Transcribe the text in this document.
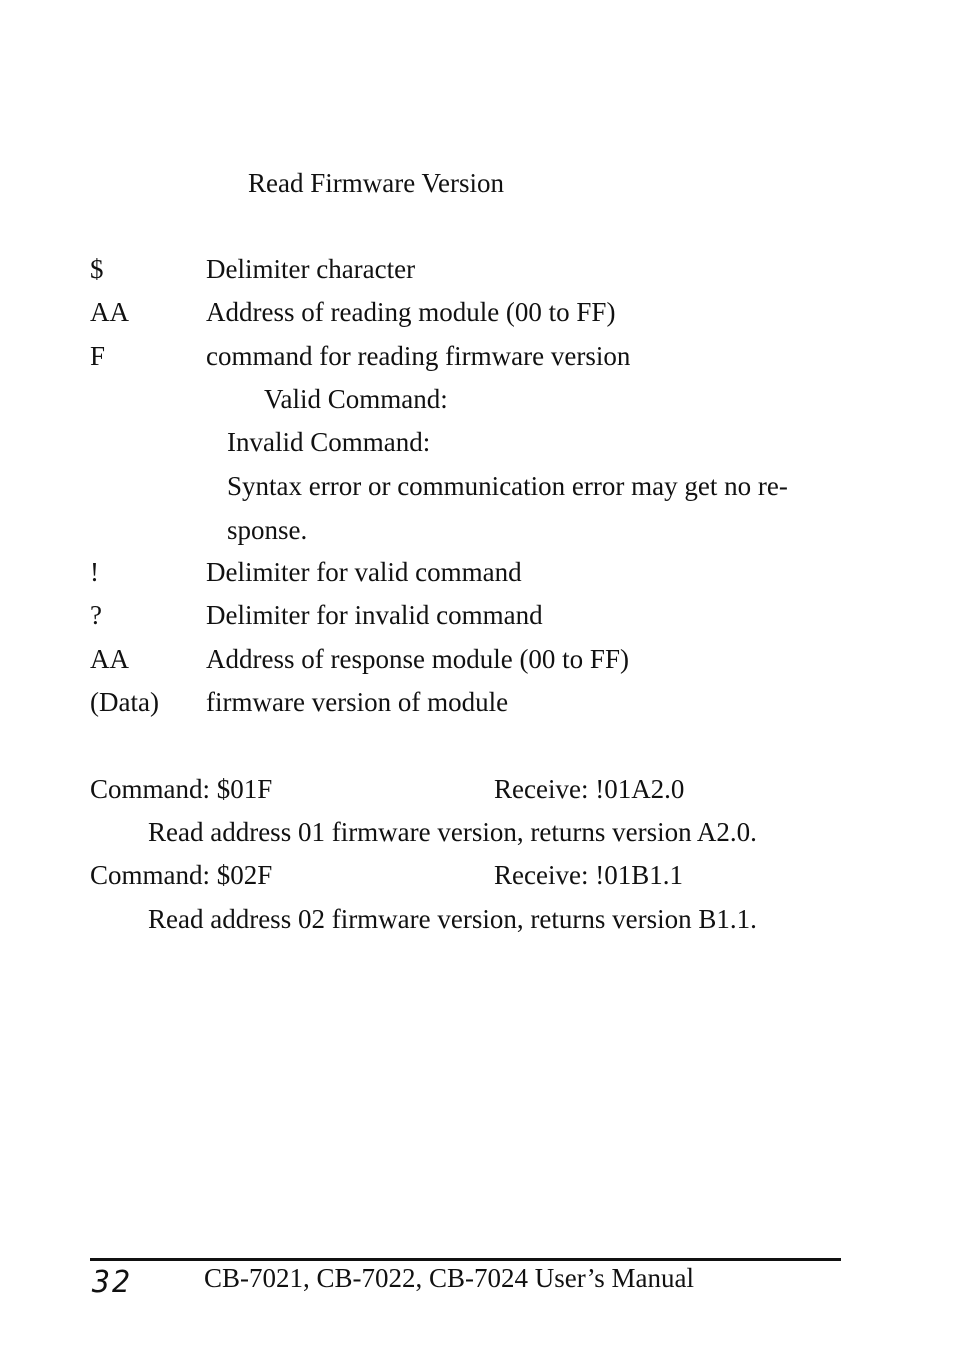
Read Firmware Version
$	Delimiter character
AA	Address of reading module (00 to FF)
F	command for reading firmware version
Valid Command:
Invalid Command:
Syntax error or communication error may get no re-
sponse.
!	Delimiter for valid command
?	Delimiter for invalid command
AA	Address of response module (00 to FF)
(Data) firmware version of module
Command: $01F	Receive: !01A2.0
Read address 01 firmware version, returns version A2.0.
Command: $02F	Receive: !01B1.1
Read address 02 firmware version, returns version B1.1.
32	CB-7021, CB-7022, CB-7024 User’s Manual
